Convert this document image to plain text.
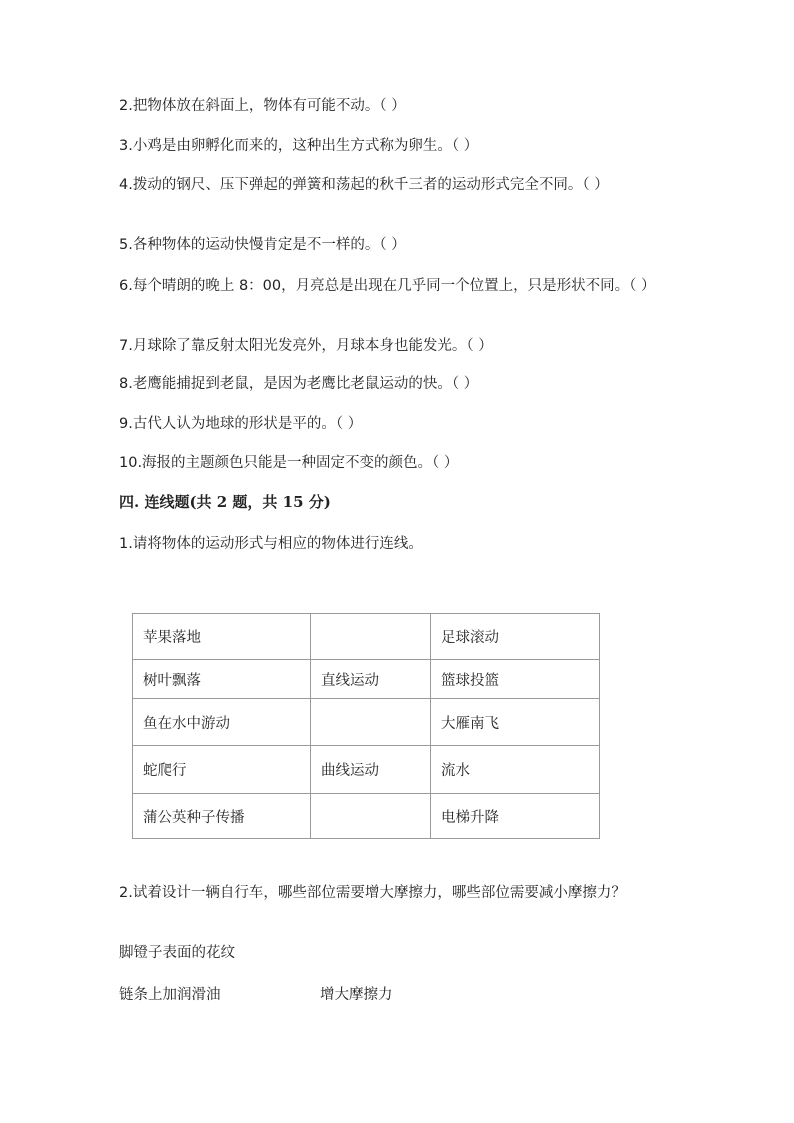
2.把物体放在斜面上，物体有可能不动。（ ）
3.小鸡是由卵孵化而来的，这种出生方式称为卵生。（ ）
4.拨动的钢尺、压下弹起的弹簧和荡起的秋千三者的运动形式完全不同。（ ）
5.各种物体的运动快慢肯定是不一样的。（ ）
6.每个晴朗的晚上 8：00，月亮总是出现在几乎同一个位置上，只是形状不同。（ ）
7.月球除了靠反射太阳光发亮外，月球本身也能发光。（ ）
8.老鹰能捕捉到老鼠，是因为老鹰比老鼠运动的快。（ ）
9.古代人认为地球的形状是平的。（ ）
10.海报的主题颜色只能是一种固定不变的颜色。（ ）
四. 连线题(共 2 题，共 15 分)
1.请将物体的运动形式与相应的物体进行连线。
苹果落地		足球滚动
树叶飘落	直线运动	篮球投篮
鱼在水中游动		大雁南飞
蛇爬行	曲线运动	流水
蒲公英种子传播		电梯升降
2.试着设计一辆自行车，哪些部位需要增大摩擦力，哪些部位需要减小摩擦力？
脚镫子表面的花纹
链条上加润滑油	增大摩擦力
